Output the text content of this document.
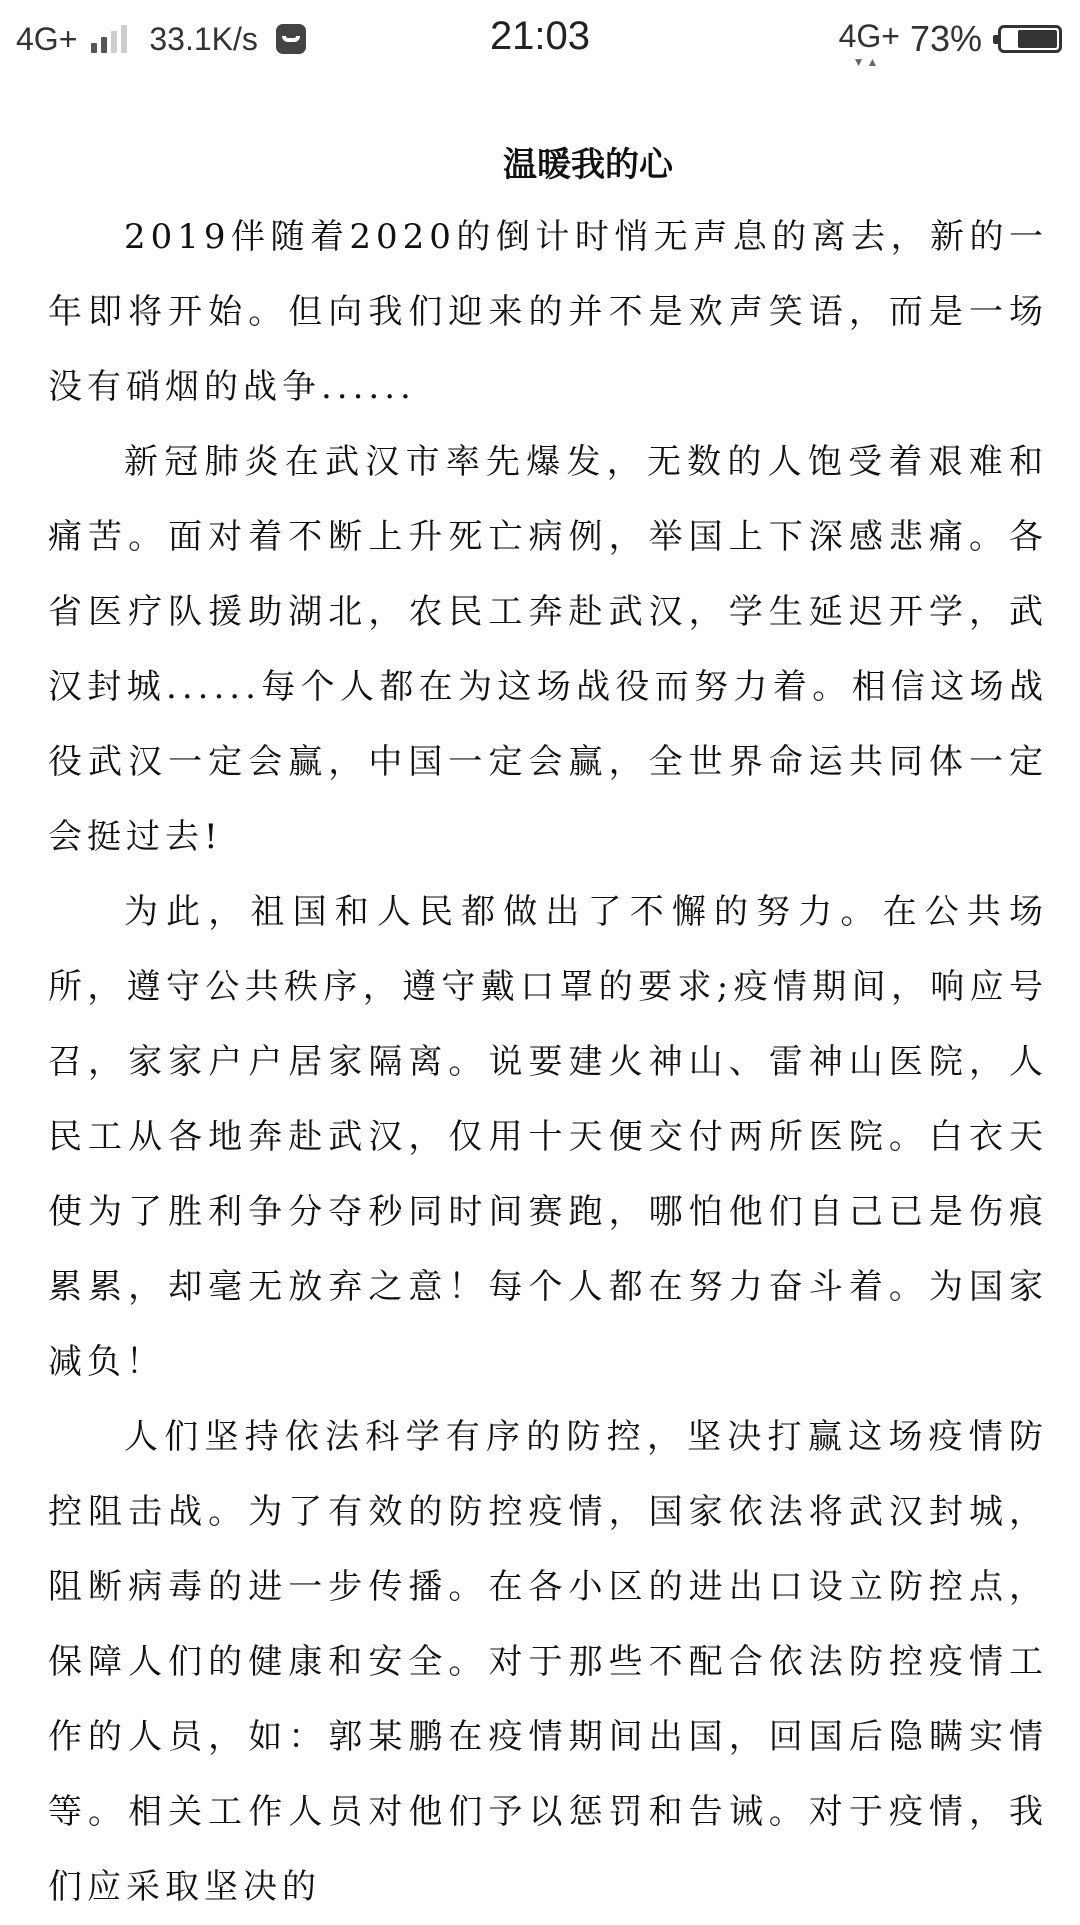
4G+ 33.1K/s	21:03	4G+
▼▲
73%
温暖我的心

2019伴随着2020的倒计时悄无声息的离去，新的一年即将开始。但向我们迎来的并不是欢声笑语，而是一场没有硝烟的战争......

新冠肺炎在武汉市率先爆发，无数的人饱受着艰难和痛苦。面对着不断上升死亡病例，举国上下深感悲痛。各省医疗队援助湖北，农民工奔赴武汉，学生延迟开学，武汉封城......每个人都在为这场战役而努力着。相信这场战役武汉一定会赢，中国一定会赢，全世界命运共同体一定会挺过去!

为此，祖国和人民都做出了不懈的努力。在公共场所，遵守公共秩序，遵守戴口罩的要求;疫情期间，响应号召，家家户户居家隔离。说要建火神山、雷神山医院，人民工从各地奔赴武汉，仅用十天便交付两所医院。白衣天使为了胜利争分夺秒同时间赛跑，哪怕他们自己已是伤痕累累，却毫无放弃之意！每个人都在努力奋斗着。为国家减负！

人们坚持依法科学有序的防控，坚决打赢这场疫情防控阻击战。为了有效的防控疫情，国家依法将武汉封城，阻断病毒的进一步传播。在各小区的进出口设立防控点，保障人们的健康和安全。对于那些不配合依法防控疫情工作的人员，如：郭某鹏在疫情期间出国，回国后隐瞒实情等。相关工作人员对他们予以惩罚和告诫。对于疫情，我们应采取坚决的
